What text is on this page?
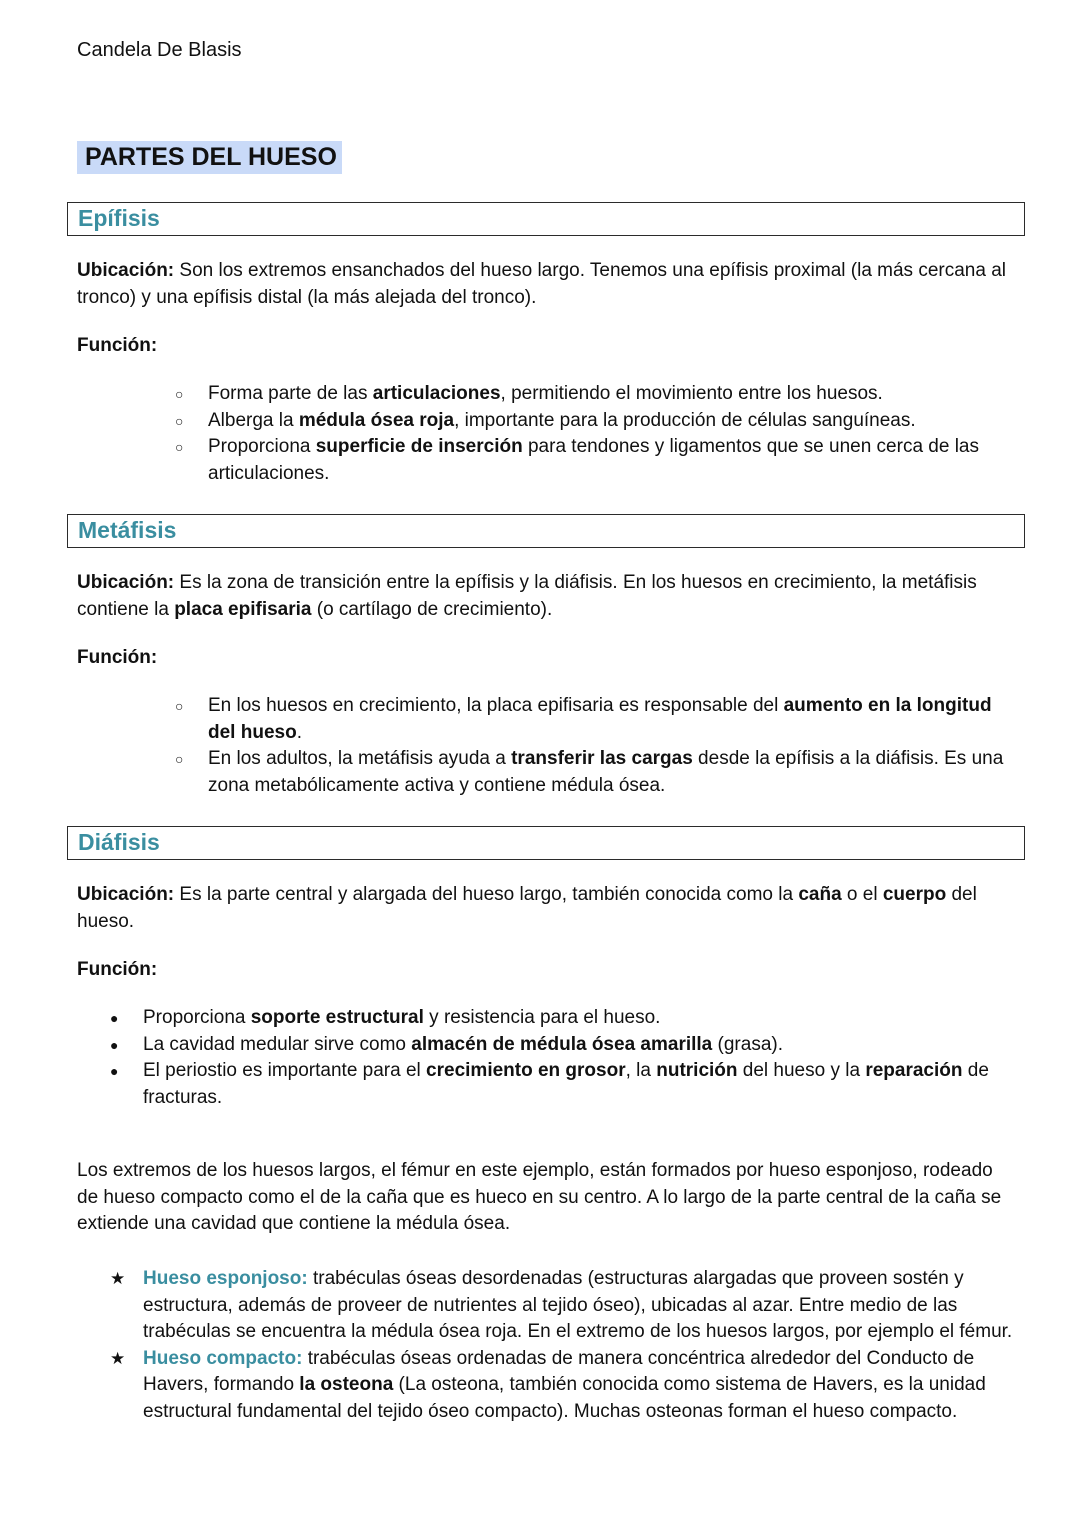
Candela De Blasis
PARTES DEL HUESO
Epífisis
Ubicación: Son los extremos ensanchados del hueso largo. Tenemos una epífisis proximal (la más cercana al tronco) y una epífisis distal (la más alejada del tronco).
Función:
○ Forma parte de las articulaciones, permitiendo el movimiento entre los huesos.
○ Alberga la médula ósea roja, importante para la producción de células sanguíneas.
○ Proporciona superficie de inserción para tendones y ligamentos que se unen cerca de las articulaciones.
Metáfisis
Ubicación: Es la zona de transición entre la epífisis y la diáfisis. En los huesos en crecimiento, la metáfisis contiene la placa epifisaria (o cartílago de crecimiento).
Función:
○ En los huesos en crecimiento, la placa epifisaria es responsable del aumento en la longitud del hueso.
○ En los adultos, la metáfisis ayuda a transferir las cargas desde la epífisis a la diáfisis. Es una zona metabólicamente activa y contiene médula ósea.
Diáfisis
Ubicación: Es la parte central y alargada del hueso largo, también conocida como la caña o el cuerpo del hueso.
Función:
● Proporciona soporte estructural y resistencia para el hueso.
● La cavidad medular sirve como almacén de médula ósea amarilla (grasa).
● El periostio es importante para el crecimiento en grosor, la nutrición del hueso y la reparación de fracturas.
Los extremos de los huesos largos, el fémur en este ejemplo, están formados por hueso esponjoso, rodeado de hueso compacto como el de la caña que es hueco en su centro. A lo largo de la parte central de la caña se extiende una cavidad que contiene la médula ósea.
★ Hueso esponjoso: trabéculas óseas desordenadas (estructuras alargadas que proveen sostén y estructura, además de proveer de nutrientes al tejido óseo), ubicadas al azar. Entre medio de las trabéculas se encuentra la médula ósea roja. En el extremo de los huesos largos, por ejemplo el fémur.
★ Hueso compacto: trabéculas óseas ordenadas de manera concéntrica alrededor del Conducto de Havers, formando la osteona (La osteona, también conocida como sistema de Havers, es la unidad estructural fundamental del tejido óseo compacto). Muchas osteonas forman el hueso compacto.
